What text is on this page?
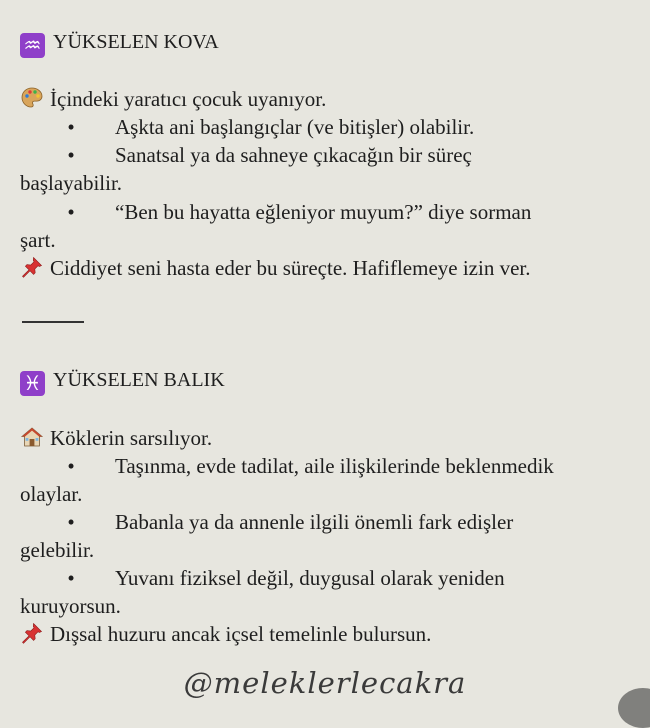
♒ YÜKSELEN KOVA
İçindeki yaratıcı çocuk uyanıyor.
• Aşkta ani başlangıçlar (ve bitişler) olabilir.
• Sanatsal ya da sahneye çıkacağın bir süreç
başlayabilir.
• “Ben bu hayatta eğleniyor muyum?” diye sorman
şart.
Ciddiyet seni hasta eder bu süreçte. Hafiflemeye izin ver.
♓ YÜKSELEN BALIK
Köklerin sarsılıyor.
• Taşınma, evde tadilat, aile ilişkilerinde beklenmedik
olaylar.
• Babanla ya da annenle ilgili önemli fark edişler
gelebilir.
• Yuvanı fiziksel değil, duygusal olarak yeniden
kuruyorsun.
Dışsal huzuru ancak içsel temelinle bulursun.
@meleklerlecakra
